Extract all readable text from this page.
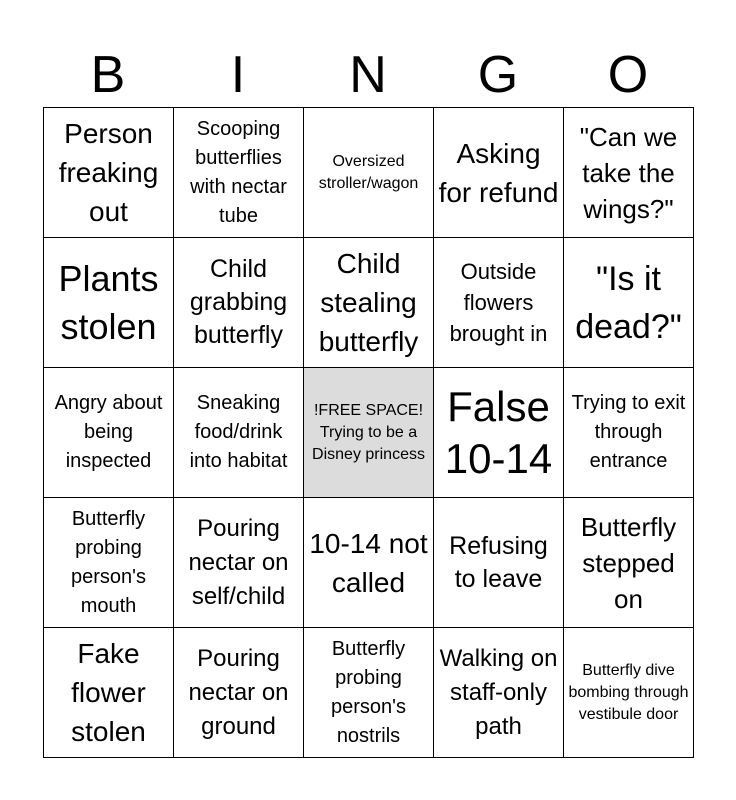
B	I	N	G	O
Person freaking out	Scooping butterflies with nectar tube	Oversized stroller/wagon	Asking for refund	"Can we take the wings?"

Plants stolen	Child grabbing butterfly	Child stealing butterfly	Outside flowers brought in	"Is it dead?"

Angry about being inspected	Sneaking food/drink into habitat	!FREE SPACE! Trying to be a Disney princess	False 10-14	Trying to exit through entrance

Butterfly probing person's mouth	Pouring nectar on self/child	10-14 not called	Refusing to leave	Butterfly stepped on

Fake flower stolen	Pouring nectar on ground	Butterfly probing person's nostrils	Walking on staff-only path	Butterfly dive bombing through vestibule door
